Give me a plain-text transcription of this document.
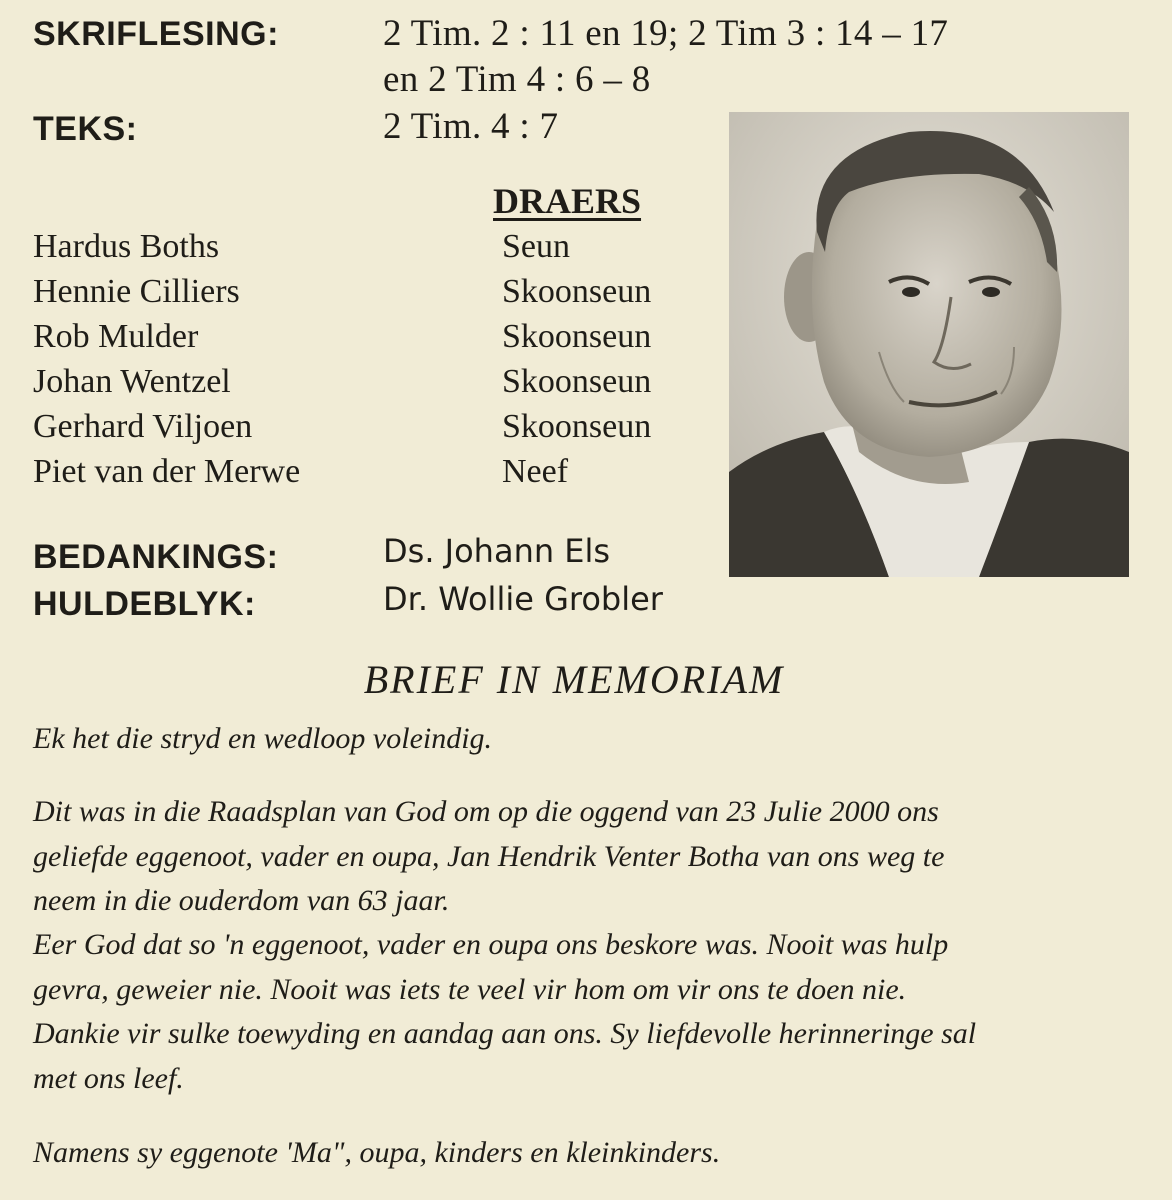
SKRIFLESING:	2 Tim. 2 : 11 en 19; 2 Tim 3 : 14 – 17
en 2 Tim 4 : 6 – 8
TEKS:	2 Tim. 4 : 7
DRAERS
Hardus Boths	Seun
Hennie Cilliers	Skoonseun
Rob Mulder	Skoonseun
Johan Wentzel	Skoonseun
Gerhard Viljoen	Skoonseun
Piet van der Merwe	Neef
BEDANKINGS:	Ds. Johann Els
HULDEBLYK:	Dr. Wollie Grobler
BRIEF IN MEMORIAM
Ek het die stryd en wedloop voleindig.
Dit was in die Raadsplan van God om op die oggend van 23 Julie 2000 ons
geliefde eggenoot, vader en oupa, Jan Hendrik Venter Botha van ons weg te
neem in die ouderdom van 63 jaar.
Eer God dat so 'n eggenoot, vader en oupa ons beskore was. Nooit was hulp
gevra, geweier nie. Nooit was iets te veel vir hom om vir ons te doen nie.
Dankie vir sulke toewyding en aandag aan ons. Sy liefdevolle herinneringe sal
met ons leef.
Namens sy eggenote 'Ma", oupa, kinders en kleinkinders.
